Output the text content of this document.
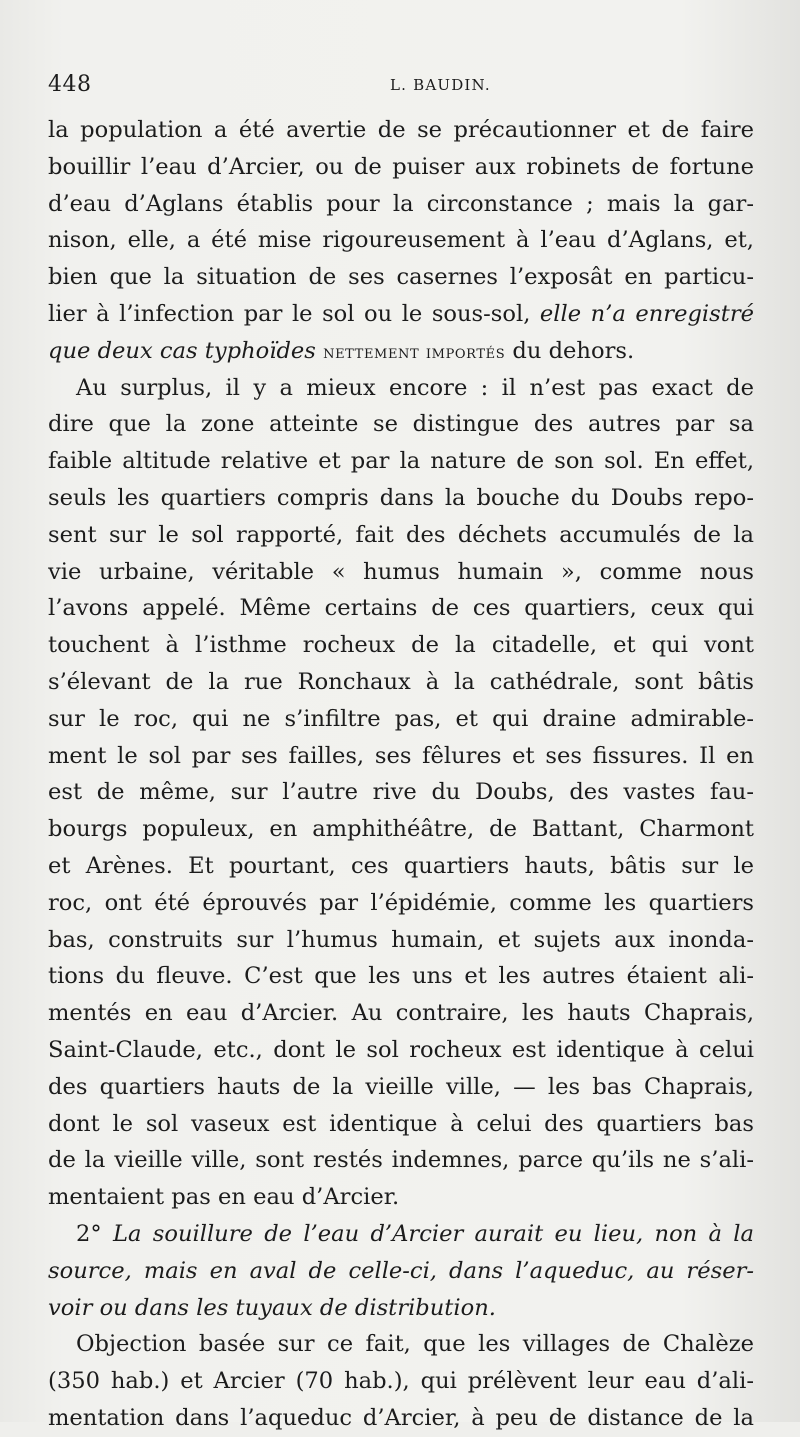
448	L. BAUDIN.
la population a été avertie de se précautionner et de faire
bouillir l’eau d’Arcier, ou de puiser aux robinets de fortune
d’eau d’Aglans établis pour la circonstance ; mais la gar-
nison, elle, a été mise rigoureusement à l’eau d’Aglans, et,
bien que la situation de ses casernes l’exposât en particu-
lier à l’infection par le sol ou le sous-sol, elle n’a enregistré
que deux cas typhoïdes nettement importés du dehors.
Au surplus, il y a mieux encore : il n’est pas exact de
dire que la zone atteinte se distingue des autres par sa
faible altitude relative et par la nature de son sol. En effet,
seuls les quartiers compris dans la bouche du Doubs repo-
sent sur le sol rapporté, fait des déchets accumulés de la
vie urbaine, véritable « humus humain », comme nous
l’avons appelé. Même certains de ces quartiers, ceux qui
touchent à l’isthme rocheux de la citadelle, et qui vont
s’élevant de la rue Ronchaux à la cathédrale, sont bâtis
sur le roc, qui ne s’infiltre pas, et qui draine admirable-
ment le sol par ses failles, ses fêlures et ses fissures. Il en
est de même, sur l’autre rive du Doubs, des vastes fau-
bourgs populeux, en amphithéâtre, de Battant, Charmont
et Arènes. Et pourtant, ces quartiers hauts, bâtis sur le
roc, ont été éprouvés par l’épidémie, comme les quartiers
bas, construits sur l’humus humain, et sujets aux inonda-
tions du fleuve. C’est que les uns et les autres étaient ali-
mentés en eau d’Arcier. Au contraire, les hauts Chaprais,
Saint-Claude, etc., dont le sol rocheux est identique à celui
des quartiers hauts de la vieille ville, — les bas Chaprais,
dont le sol vaseux est identique à celui des quartiers bas
de la vieille ville, sont restés indemnes, parce qu’ils ne s’ali-
mentaient pas en eau d’Arcier.
2° La souillure de l’eau d’Arcier aurait eu lieu, non à la
source, mais en aval de celle-ci, dans l’aqueduc, au réser-
voir ou dans les tuyaux de distribution.
Objection basée sur ce fait, que les villages de Chalèze
(350 hab.) et Arcier (70 hab.), qui prélèvent leur eau d’ali-
mentation dans l’aqueduc d’Arcier, à peu de distance de la
